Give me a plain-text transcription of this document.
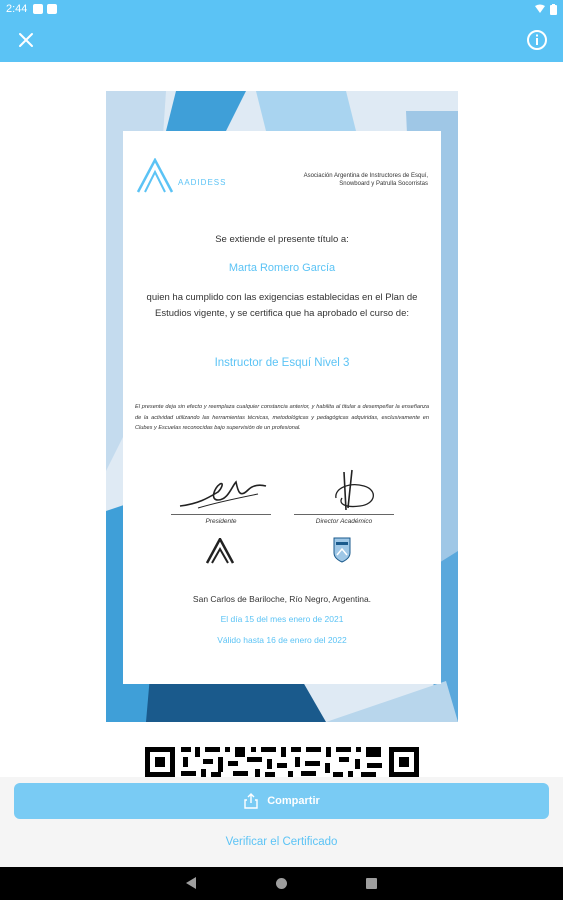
2:44
AADIDESS
Asociación Argentina de Instructores de Esquí, Snowboard y Patrulla Socorristas
Se extiende el presente título a:
Marta Romero García
quien ha cumplido con las exigencias establecidas en el Plan de Estudios vigente, y se certifica que ha aprobado el curso de:
Instructor de Esquí Nivel 3
El presente deja sin efecto y reemplaza cualquier constancia anterior, y habilita al titular a desempeñar la enseñanza de la actividad utilizando las herramientas técnicas, metodológicas y pedagógicas adquiridas, exclusivamente en Clubes y Escuelas reconocidas bajo supervisión de un profesional.
Presidente	Director Académico
San Carlos de Bariloche, Río Negro, Argentina.
El día 15 del mes enero de 2021
Válido hasta 16 de enero del 2022
Compartir
Verificar el Certificado
